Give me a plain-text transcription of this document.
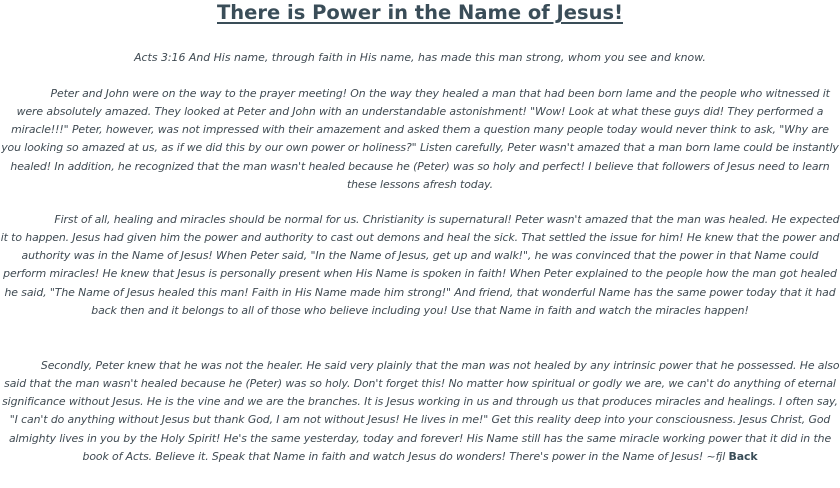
There is Power in the Name of Jesus!

Acts 3:16 And His name, through faith in His name, has made this man strong, whom you see and know.

Peter and John were on the way to the prayer meeting! On the way they healed a man that had been born lame and the people who witnessed it were absolutely amazed. They looked at Peter and John with an understandable astonishment! "Wow! Look at what these guys did! They performed a miracle!!!" Peter, however, was not impressed with their amazement and asked them a question many people today would never think to ask, "Why are you looking so amazed at us, as if we did this by our own power or holiness?" Listen carefully, Peter wasn't amazed that a man born lame could be instantly healed! In addition, he recognized that the man wasn't healed because he (Peter) was so holy and perfect! I believe that followers of Jesus need to learn these lessons afresh today.

First of all, healing and miracles should be normal for us. Christianity is supernatural! Peter wasn't amazed that the man was healed. He expected it to happen. Jesus had given him the power and authority to cast out demons and heal the sick. That settled the issue for him! He knew that the power and authority was in the Name of Jesus! When Peter said, "In the Name of Jesus, get up and walk!", he was convinced that the power in that Name could perform miracles! He knew that Jesus is personally present when His Name is spoken in faith! When Peter explained to the people how the man got healed he said, "The Name of Jesus healed this man! Faith in His Name made him strong!" And friend, that wonderful Name has the same power today that it had back then and it belongs to all of those who believe including you! Use that Name in faith and watch the miracles happen!

Secondly, Peter knew that he was not the healer. He said very plainly that the man was not healed by any intrinsic power that he possessed. He also said that the man wasn't healed because he (Peter) was so holy. Don't forget this! No matter how spiritual or godly we are, we can't do anything of eternal significance without Jesus. He is the vine and we are the branches. It is Jesus working in us and through us that produces miracles and healings. I often say, "I can't do anything without Jesus but thank God, I am not without Jesus! He lives in me!" Get this reality deep into your consciousness. Jesus Christ, God almighty lives in you by the Holy Spirit! He's the same yesterday, today and forever! His Name still has the same miracle working power that it did in the book of Acts. Believe it. Speak that Name in faith and watch Jesus do wonders! There's power in the Name of Jesus! ~fjl Back
